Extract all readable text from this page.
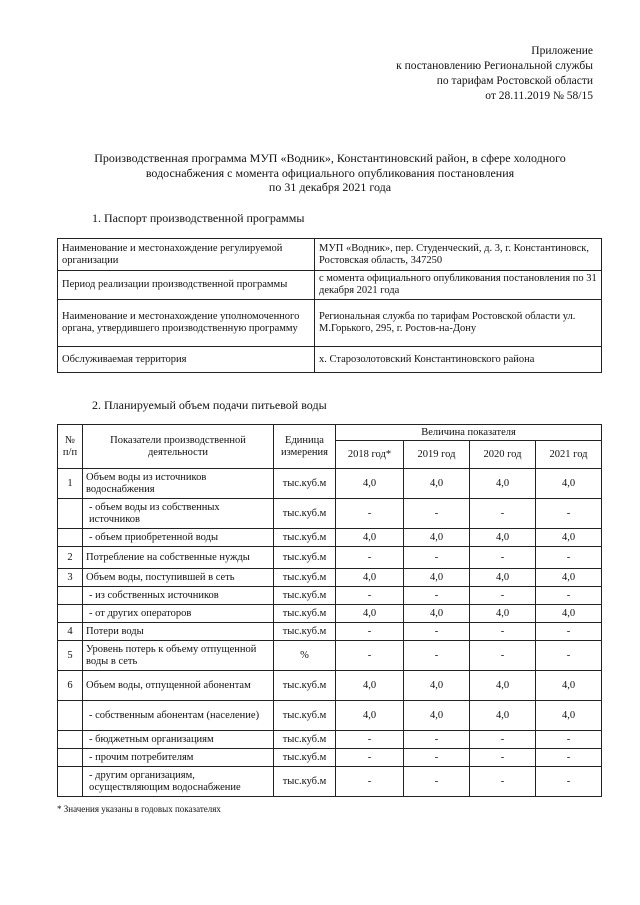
Приложение
к постановлению Региональной службы
по тарифам Ростовской области
от 28.11.2019 № 58/15
Производственная программа МУП «Водник», Константиновский район, в сфере холодного
водоснабжения с момента официального опубликования постановления
по 31 декабря 2021 года
1. Паспорт производственной программы
Наименование и местонахождение регулируемой организации	МУП «Водник», пер. Студенческий, д. 3, г. Константиновск, Ростовская область, 347250
Период реализации производственной программы	с момента официального опубликования постановления по 31 декабря 2021 года
Наименование и местонахождение уполномоченного органа, утвердившего производственную программу	Региональная служба по тарифам Ростовской области ул. М.Горького, 295, г. Ростов-на-Дону
Обслуживаемая территория	х. Старозолотовский Константиновского района
2. Планируемый объем подачи питьевой воды
№ п/п	Показатели производственной деятельности	Единица измерения	Величина показателя			
			2018 год*	2019 год	2020 год	2021 год
1	Объем воды из источников водоснабжения	тыс.куб.м	4,0	4,0	4,0	4,0
	- объем воды из собственных источников	тыс.куб.м	-	-	-	-
	- объем приобретенной воды	тыс.куб.м	4,0	4,0	4,0	4,0
2	Потребление на собственные нужды	тыс.куб.м	-	-	-	-
3	Объем воды, поступившей в сеть	тыс.куб.м	4,0	4,0	4,0	4,0
	- из собственных источников	тыс.куб.м	-	-	-	-
	- от других операторов	тыс.куб.м	4,0	4,0	4,0	4,0
4	Потери воды	тыс.куб.м	-	-	-	-
5	Уровень потерь к объему отпущенной воды в сеть	%	-	-	-	-
6	Объем воды, отпущенной абонентам	тыс.куб.м	4,0	4,0	4,0	4,0
	- собственным абонентам (население)	тыс.куб.м	4,0	4,0	4,0	4,0
	- бюджетным организациям	тыс.куб.м	-	-	-	-
	- прочим потребителям	тыс.куб.м	-	-	-	-
	- другим организациям, осуществляющим водоснабжение	тыс.куб.м	-	-	-	-
* Значения указаны в годовых показателях
